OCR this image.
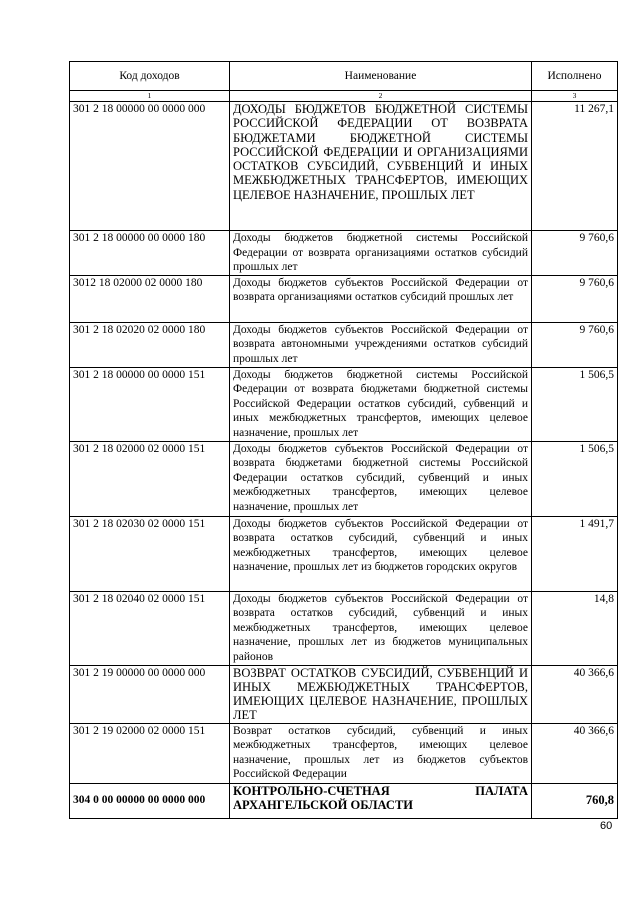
Код доходов	Наименование	Исполнено
1	2	3
301 2 18 00000 00 0000 000	ДОХОДЫ БЮДЖЕТОВ БЮДЖЕТНОЙ СИСТЕМЫ РОССИЙСКОЙ ФЕДЕРАЦИИ ОТ ВОЗВРАТА БЮДЖЕТАМИ БЮДЖЕТНОЙ СИСТЕМЫ РОССИЙСКОЙ ФЕДЕРАЦИИ И ОРГАНИЗАЦИЯМИ ОСТАТКОВ СУБСИДИЙ, СУБВЕНЦИЙ И ИНЫХ МЕЖБЮДЖЕТНЫХ ТРАНСФЕРТОВ, ИМЕЮЩИХ ЦЕЛЕВОЕ НАЗНАЧЕНИЕ, ПРОШЛЫХ ЛЕТ	11 267,1
301 2 18 00000 00 0000 180	Доходы бюджетов бюджетной системы Российской Федерации от возврата организациями остатков субсидий прошлых лет	9 760,6
3012 18 02000 02 0000 180	Доходы бюджетов субъектов Российской Федерации от возврата организациями остатков субсидий прошлых лет	9 760,6
301 2 18 02020 02 0000 180	Доходы бюджетов субъектов Российской Федерации от возврата автономными учреждениями остатков субсидий прошлых лет	9 760,6
301 2 18 00000 00 0000 151	Доходы бюджетов бюджетной системы Российской Федерации от возврата бюджетами бюджетной системы Российской Федерации остатков субсидий, субвенций и иных межбюджетных трансфертов, имеющих целевое назначение, прошлых лет	1 506,5
301 2 18 02000 02 0000 151	Доходы бюджетов субъектов Российской Федерации от возврата бюджетами бюджетной системы Российской Федерации остатков субсидий, субвенций и иных межбюджетных трансфертов, имеющих целевое назначение, прошлых лет	1 506,5
301 2 18 02030 02 0000 151	Доходы бюджетов субъектов Российской Федерации от возврата остатков субсидий, субвенций и иных межбюджетных трансфертов, имеющих целевое назначение, прошлых лет из бюджетов городских округов	1 491,7
301 2 18 02040 02 0000 151	Доходы бюджетов субъектов Российской Федерации от возврата остатков субсидий, субвенций и иных межбюджетных трансфертов, имеющих целевое назначение, прошлых лет из бюджетов муниципальных районов	14,8
301 2 19 00000 00 0000 000	ВОЗВРАТ ОСТАТКОВ СУБСИДИЙ, СУБВЕНЦИЙ И ИНЫХ МЕЖБЮДЖЕТНЫХ ТРАНСФЕРТОВ, ИМЕЮЩИХ ЦЕЛЕВОЕ НАЗНАЧЕНИЕ, ПРОШЛЫХ ЛЕТ	40 366,6
301 2 19 02000 02 0000 151	Возврат остатков субсидий, субвенций и иных межбюджетных трансфертов, имеющих целевое назначение, прошлых лет из бюджетов субъектов Российской Федерации	40 366,6
304 0 00 00000 00 0000 000	КОНТРОЛЬНО-СЧЕТНАЯ ПАЛАТА АРХАНГЕЛЬСКОЙ ОБЛАСТИ	760,8
60
